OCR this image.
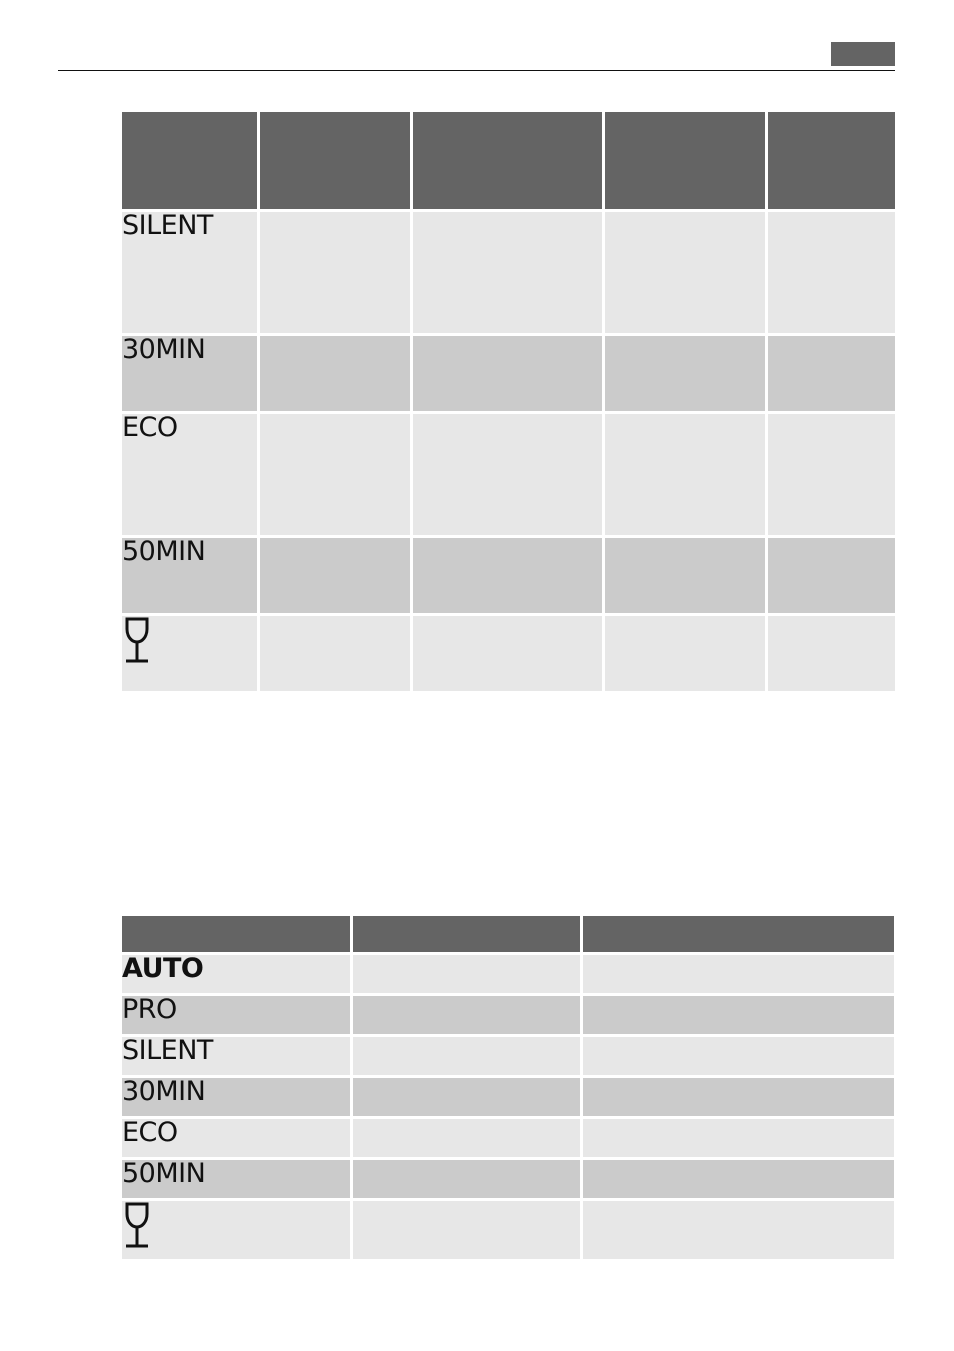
SILENT				
30MIN				
ECO				
50MIN				

AUTO		
PRO		
SILENT		
30MIN		
ECO		
50MIN		
